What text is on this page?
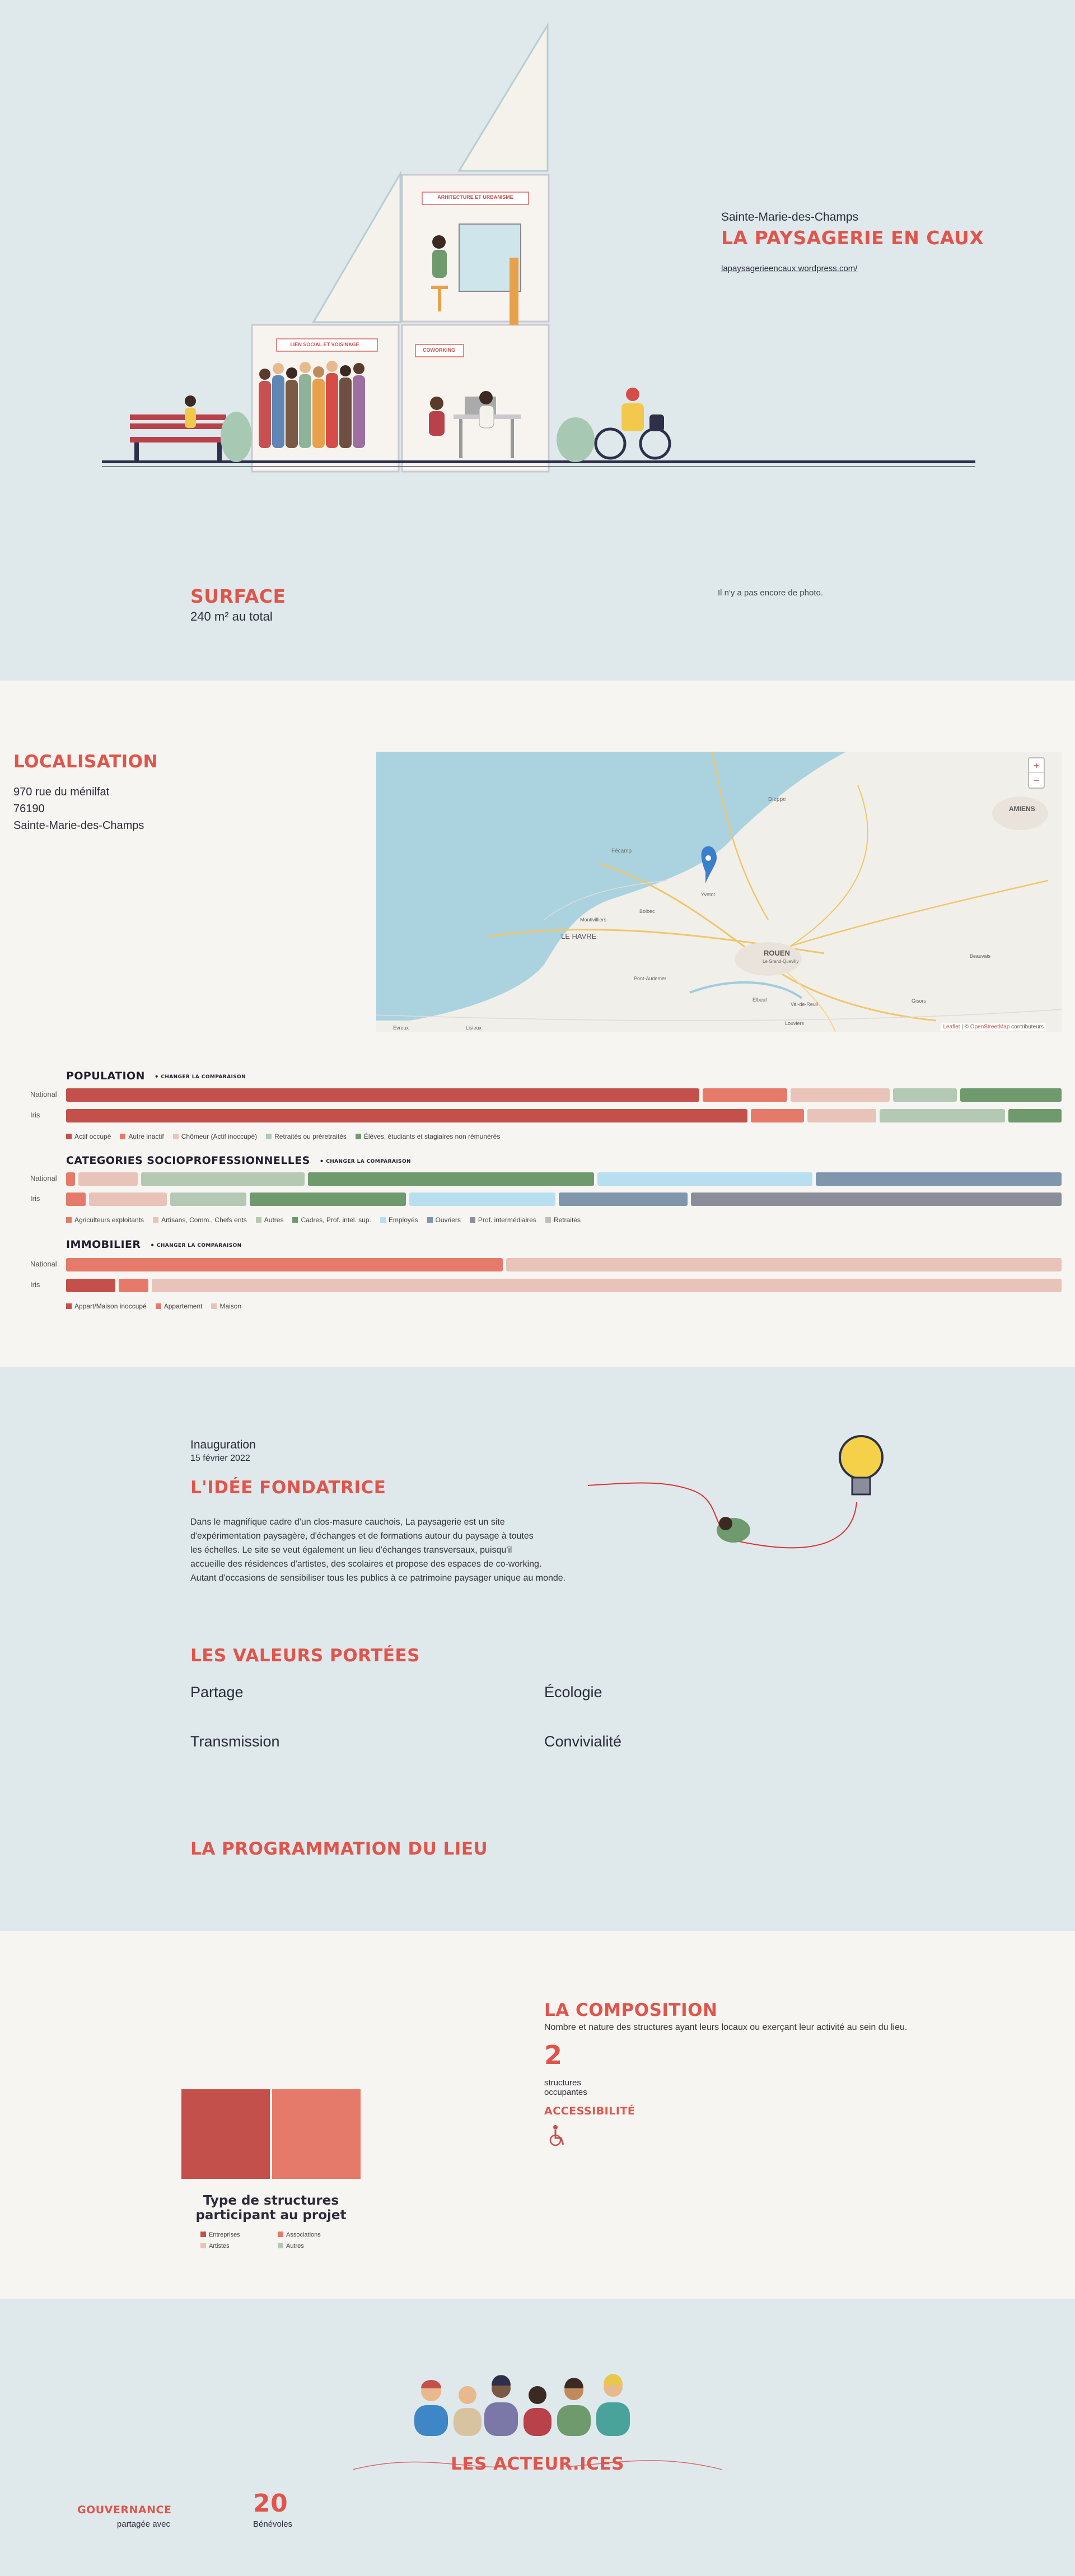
ARHITECTURE ET URBANISME
LIEN SOCIAL ET VOISINAGE
COWORKING
Sainte-Marie-des-Champs
LA PAYSAGERIE EN CAUX
lapaysagerieencaux.wordpress.com/
SURFACE
240 m² au total
Il n'y a pas encore de photo.
LOCALISATION
970 rue du ménilfat
76190
Sainte-Marie-des-Champs
Dieppe
AMIENS
Fécamp
Yvetot
Bolbec
Montivilliers
LE HAVRE
ROUEN
Le Grand-Quevilly
Pont-Audemer
Beauvais
Elbeuf
Val-de-Reuil
Gisors
Lisieux
Louviers
Evreux
+
−
Leaflet | © OpenStreetMap contributeurs
POPULATION ⚫ CHANGER LA COMPARAISON
National
Iris
Actif occupé	Autre inactif	Chômeur (Actif inoccupé)	Retraités ou préretraités	Élèves, étudiants et stagiaires non rémunérés
CATEGORIES SOCIOPROFESSIONNELLES ⚫ CHANGER LA COMPARAISON
National
Iris
Agriculteurs exploitants	Artisans, Comm., Chefs ents	Autres	Cadres, Prof. intel. sup.	Employés	Ouvriers	Prof. intermédiaires	Retraités
IMMOBILIER ⚫ CHANGER LA COMPARAISON
National
Iris
Appart/Maison inoccupé	Appartement	Maison
Inauguration
15 février 2022
L'IDÉE FONDATRICE
Dans le magnifique cadre d'un clos-masure cauchois, La paysagerie est un site
d'expérimentation paysagère, d'échanges et de formations autour du paysage à toutes
les échelles. Le site se veut également un lieu d'échanges transversaux, puisqu'il
accueille des résidences d'artistes, des scolaires et propose des espaces de co-working.
Autant d'occasions de sensibiliser tous les publics à ce patrimoine paysager unique au monde.
LES VALEURS PORTÉES
Partage	Écologie
Transmission	Convivialité
LA PROGRAMMATION DU LIEU
Type de structures
participant au projet
Entreprises	Associations
Artistes	Autres
LA COMPOSITION
Nombre et nature des structures ayant leurs locaux ou exerçant leur activité au sein du lieu.
2
structures
occupantes
ACCESSIBILITÉ
LES ACTEUR.ICES
GOUVERNANCE
partagée avec
20
Bénévoles
